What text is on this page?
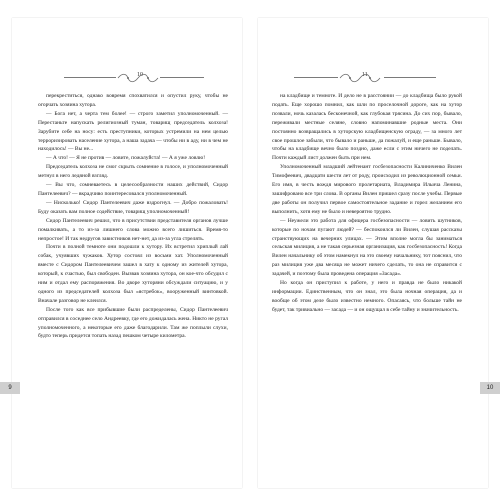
10

перекреститься, однако вовремя спохватился и опустил руку, чтобы не огорчать хозяина хутора.

— Бога нет, а черта тем более! — строго заметил уполномоченный. — Перестаньте напускать религиозный туман, товарищ председатель колхоза! Зарубите себе на носу: есть преступники, которых устремили на нем целью терроризировать население хутора, а наша задача — чтобы ни в аду, ни в чем не находилось! — Вы не...

— А что! — Я не против — ловите, пожалуйста! — А я уже ловлю!

Председатель колхоза не смог скрыть сомнение в голосе, и уполномоченный метнул в него ледяной взгляд.

— Вы что, сомневаетесь в целесообразности наших действий, Сидор Пантелеевич? — вкрадчиво поинтересовался уполномоченный.

— Нисколько! Сидор Пантелеевич даже вздрогнул. — Добро пожаловать! Буду оказать вам полное содействие, товарищ уполномоченный!

Сидор Пантелеевич решил, что в присутствии представителя органов лучше помалкивать, а то из-за лишнего слова можно всего лишиться. Время-то непростое! И так недругов завистников нет-нет, да из-за угла стрелять.

Почти в полной темноте они подошли к хутору. Их встретил хриплый лай собак, учуявших чужаков. Хутор состоял из восьми хат. Уполномоченный вместе с Сидором Пантелеевичем зашел в хату к одному из жителей хутора, который, к счастью, был свободен. Вызвав хозяина хутора, он кое-что обсудил с ним и отдал ему распоряжения. Во дворе хуторяни обсуждали ситуацию, и у одного из председателей колхоза был «ястребок», вооруженный винтовкой. Вначале разговор не клеился.

После того как все прибывшие были распределены, Сидор Пантелеевич отправился в соседнее село Андреевку, где его дожидалась жена. Никто не ругал уполномоченного, а некоторые его даже благодарили. Там же поплыли слухи, будто теперь придется топать назад пешком четыре километра.

11

на кладбище и темноте. И дело не в расстоянии — до кладбища было рукой подать. Еще хорошо помнил, как шли по проселочной дороге, как на хутор позвали, ночь казалась бесконечной, как глубокая трясина. До сих пор, бывало, переживали местные селяне, словно напоминавшие родные места. Они постоянно возвращались в хуторскую кладбищенскую ограду, — за много лет свое прошлое забыли, что бывало и раньше, да пожалуй, и еще раньше. Бывало, чтобы на кладбище вечно было поздно, даже если с этим ничего не поделать. Почти каждый лист должен быть при нем.

Уполномоченный младший лейтенант госбезопасности Калиниченко Вилен Тимофеевич, двадцати шести лет от роду, происходил из революционной семьи. Его имя, в честь вождя мирового пролетариата, Владимира Ильича Ленина, зашифровано все три слова. В органы Вилен пришел сразу после учебы. Первые две работы он получил первое самостоятельное задание и горел желанием его выполнить, хотя ему не было и невероятно трудно.

— Неужели это работа для офицера госбезопасности — ловить шутников, которые по ночам пугают людей? — беспокоился ли Вилен, слушая рассказы странствующих на вечерних улицах. — Этим вполне могла бы заниматься сельская милиция, а не такая серьезная организация, как госбезопасность! Когда Вилен начальнику об этом намекнул на это своему начальнику, тот пояснил, что раз милиция уже два месяца не может ничего сделать, то она не справится с задачей, и поэтому была проведена операция «Засада».

Но когда он приступил к работе, у него и правда не было никакой информации. Единственным, что он знал, это была ночная операция, да и вообще об этом деле было известно немного. Опасаясь, что больше тайн не будет, так тривиально — засада — и он ощущал в себе тайну и значительность.

9	10
